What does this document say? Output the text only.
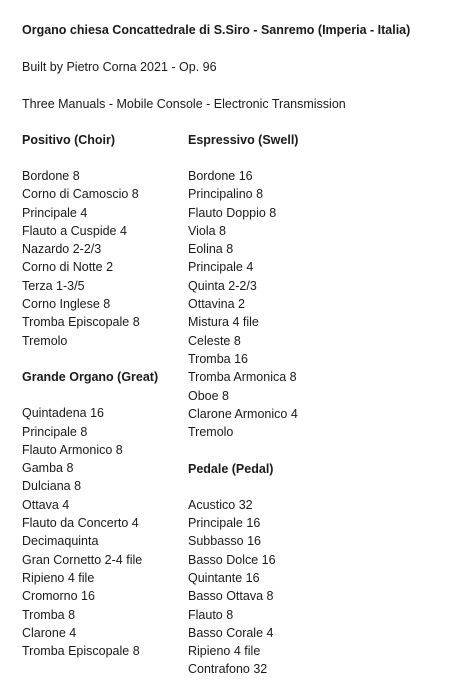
Organo chiesa Concattedrale di S.Siro - Sanremo (Imperia - Italia)
Built by Pietro Corna 2021 - Op. 96
Three Manuals - Mobile Console - Electronic Transmission
Positivo (Choir)
Bordone 8
Corno di Camoscio 8
Principale 4
Flauto a Cuspide 4
Nazardo 2-2/3
Corno di Notte 2
Terza 1-3/5
Corno Inglese 8
Tromba Episcopale 8
Tremolo
Grande Organo (Great)
Quintadena 16
Principale 8
Flauto Armonico 8
Gamba 8
Dulciana 8
Ottava 4
Flauto da Concerto 4
Decimaquinta
Gran Cornetto 2-4 file
Ripieno 4 file
Cromorno 16
Tromba 8
Clarone 4
Tromba Episcopale 8
Espressivo (Swell)
Bordone 16
Principalino 8
Flauto Doppio 8
Viola 8
Eolina 8
Principale 4
Quinta 2-2/3
Ottavina 2
Mistura 4 file
Celeste 8
Tromba 16
Tromba Armonica 8
Oboe 8
Clarone Armonico 4
Tremolo
Pedale (Pedal)
Acustico 32
Principale 16
Subbasso 16
Basso Dolce 16
Quintante 16
Basso Ottava 8
Flauto 8
Basso Corale 4
Ripieno 4 file
Contrafono 32
